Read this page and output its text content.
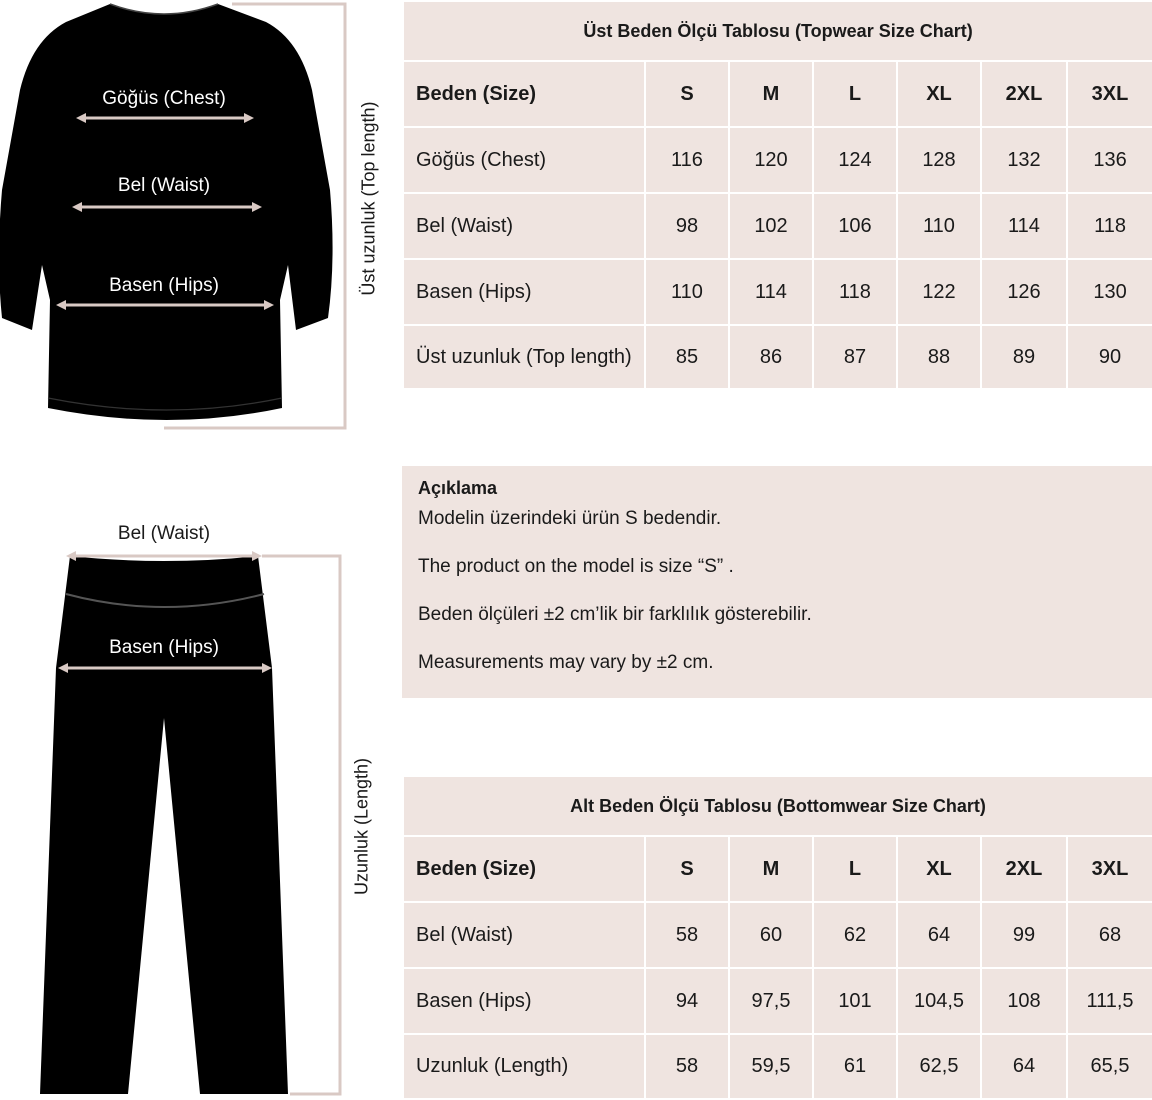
Göğüs (Chest)
Bel (Waist)
Basen (Hips)	Üst uzunluk (Top length)
Bel (Waist)
Basen (Hips)
Uzunluk (Length)
Üst Beden Ölçü Tablosu (Topwear Size Chart)						
Beden (Size)	S	M	L	XL	2XL	3XL
Göğüs (Chest)	116	120	124	128	132	136
Bel (Waist)	98	102	106	110	114	118
Basen (Hips)	110	114	118	122	126	130
Üst uzunluk (Top length)	85	86	87	88	89	90
Açıklama
Modelin üzerindeki ürün S bedendir.
The product on the model is size “S” .
Beden ölçüleri ±2 cm’lik bir farklılık gösterebilir.
Measurements may vary by ±2 cm.
Alt Beden Ölçü Tablosu (Bottomwear Size Chart)						
Beden (Size)	S	M	L	XL	2XL	3XL
Bel (Waist)	58	60	62	64	99	68
Basen (Hips)	94	97,5	101	104,5	108	111,5
Uzunluk (Length)	58	59,5	61	62,5	64	65,5
